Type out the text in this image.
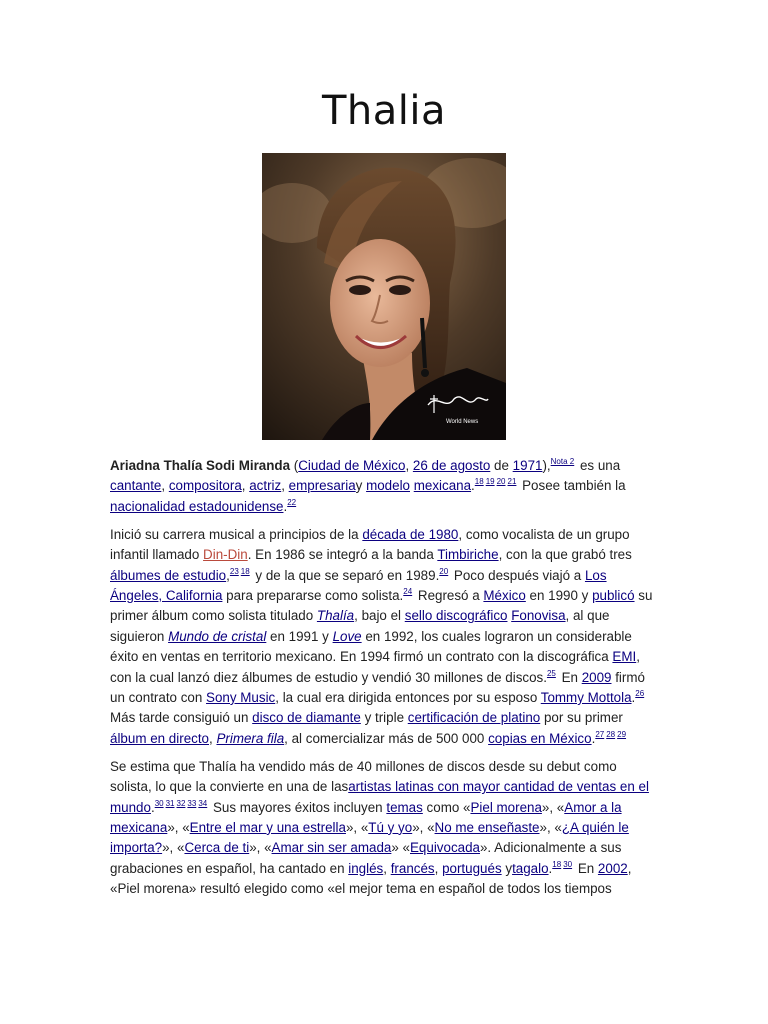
Thalia
World News

Ariadna Thalía Sodi Miranda (Ciudad de México, 26 de agosto de 1971),$^{Nota 2}$ es una cantante, compositora, actriz, empresariay modelo mexicana.$^{18 19 20 21}$ Posee también la nacionalidad estadounidense.$^{22}$

Inició su carrera musical a principios de la década de 1980, como vocalista de un grupo infantil llamado Din-Din. En 1986 se integró a la banda Timbiriche, con la que grabó tres álbumes de estudio,$^{23 18}$ y de la que se separó en 1989.20 Poco después viajó a Los Ángeles, California para prepararse como solista.$^{24}$ Regresó a México en 1990 y publicó su primer álbum como solista titulado Thalía, bajo el sello discográfico Fonovisa, al que siguieron Mundo de cristal en 1991 y Love en 1992, los cuales lograron un considerable éxito en ventas en territorio mexicano. En 1994 firmó un contrato con la discográfica EMI, con la cual lanzó diez álbumes de estudio y vendió 30 millones de discos.$^{25}$ En 2009 firmó un contrato con Sony Music, la cual era dirigida entonces por su esposo Tommy Mottola.$^{26}$ Más tarde consiguió un disco de diamante y triple certificación de platino por su primer álbum en directo, Primera fila, al comercializar más de 500 000 copias en México.$^{27 28 29}$

Se estima que Thalía ha vendido más de 40 millones de discos desde su debut como solista, lo que la convierte en una de lasartistas latinas con mayor cantidad de ventas en el mundo.$^{30 31 32 33 34}$ Sus mayores éxitos incluyen temas como «Piel morena», «Amor a la mexicana», «Entre el mar y una estrella», «Tú y yo», «No me enseñaste», «¿A quién le importa?», «Cerca de ti», «Amar sin ser amada» «Equivocada». Adicionalmente a sus grabaciones en español, ha cantado en inglés, francés, portugués ytagalo.$^{18 30}$ En 2002, «Piel morena» resultó elegido como «el mejor tema en español de todos los tiempos
